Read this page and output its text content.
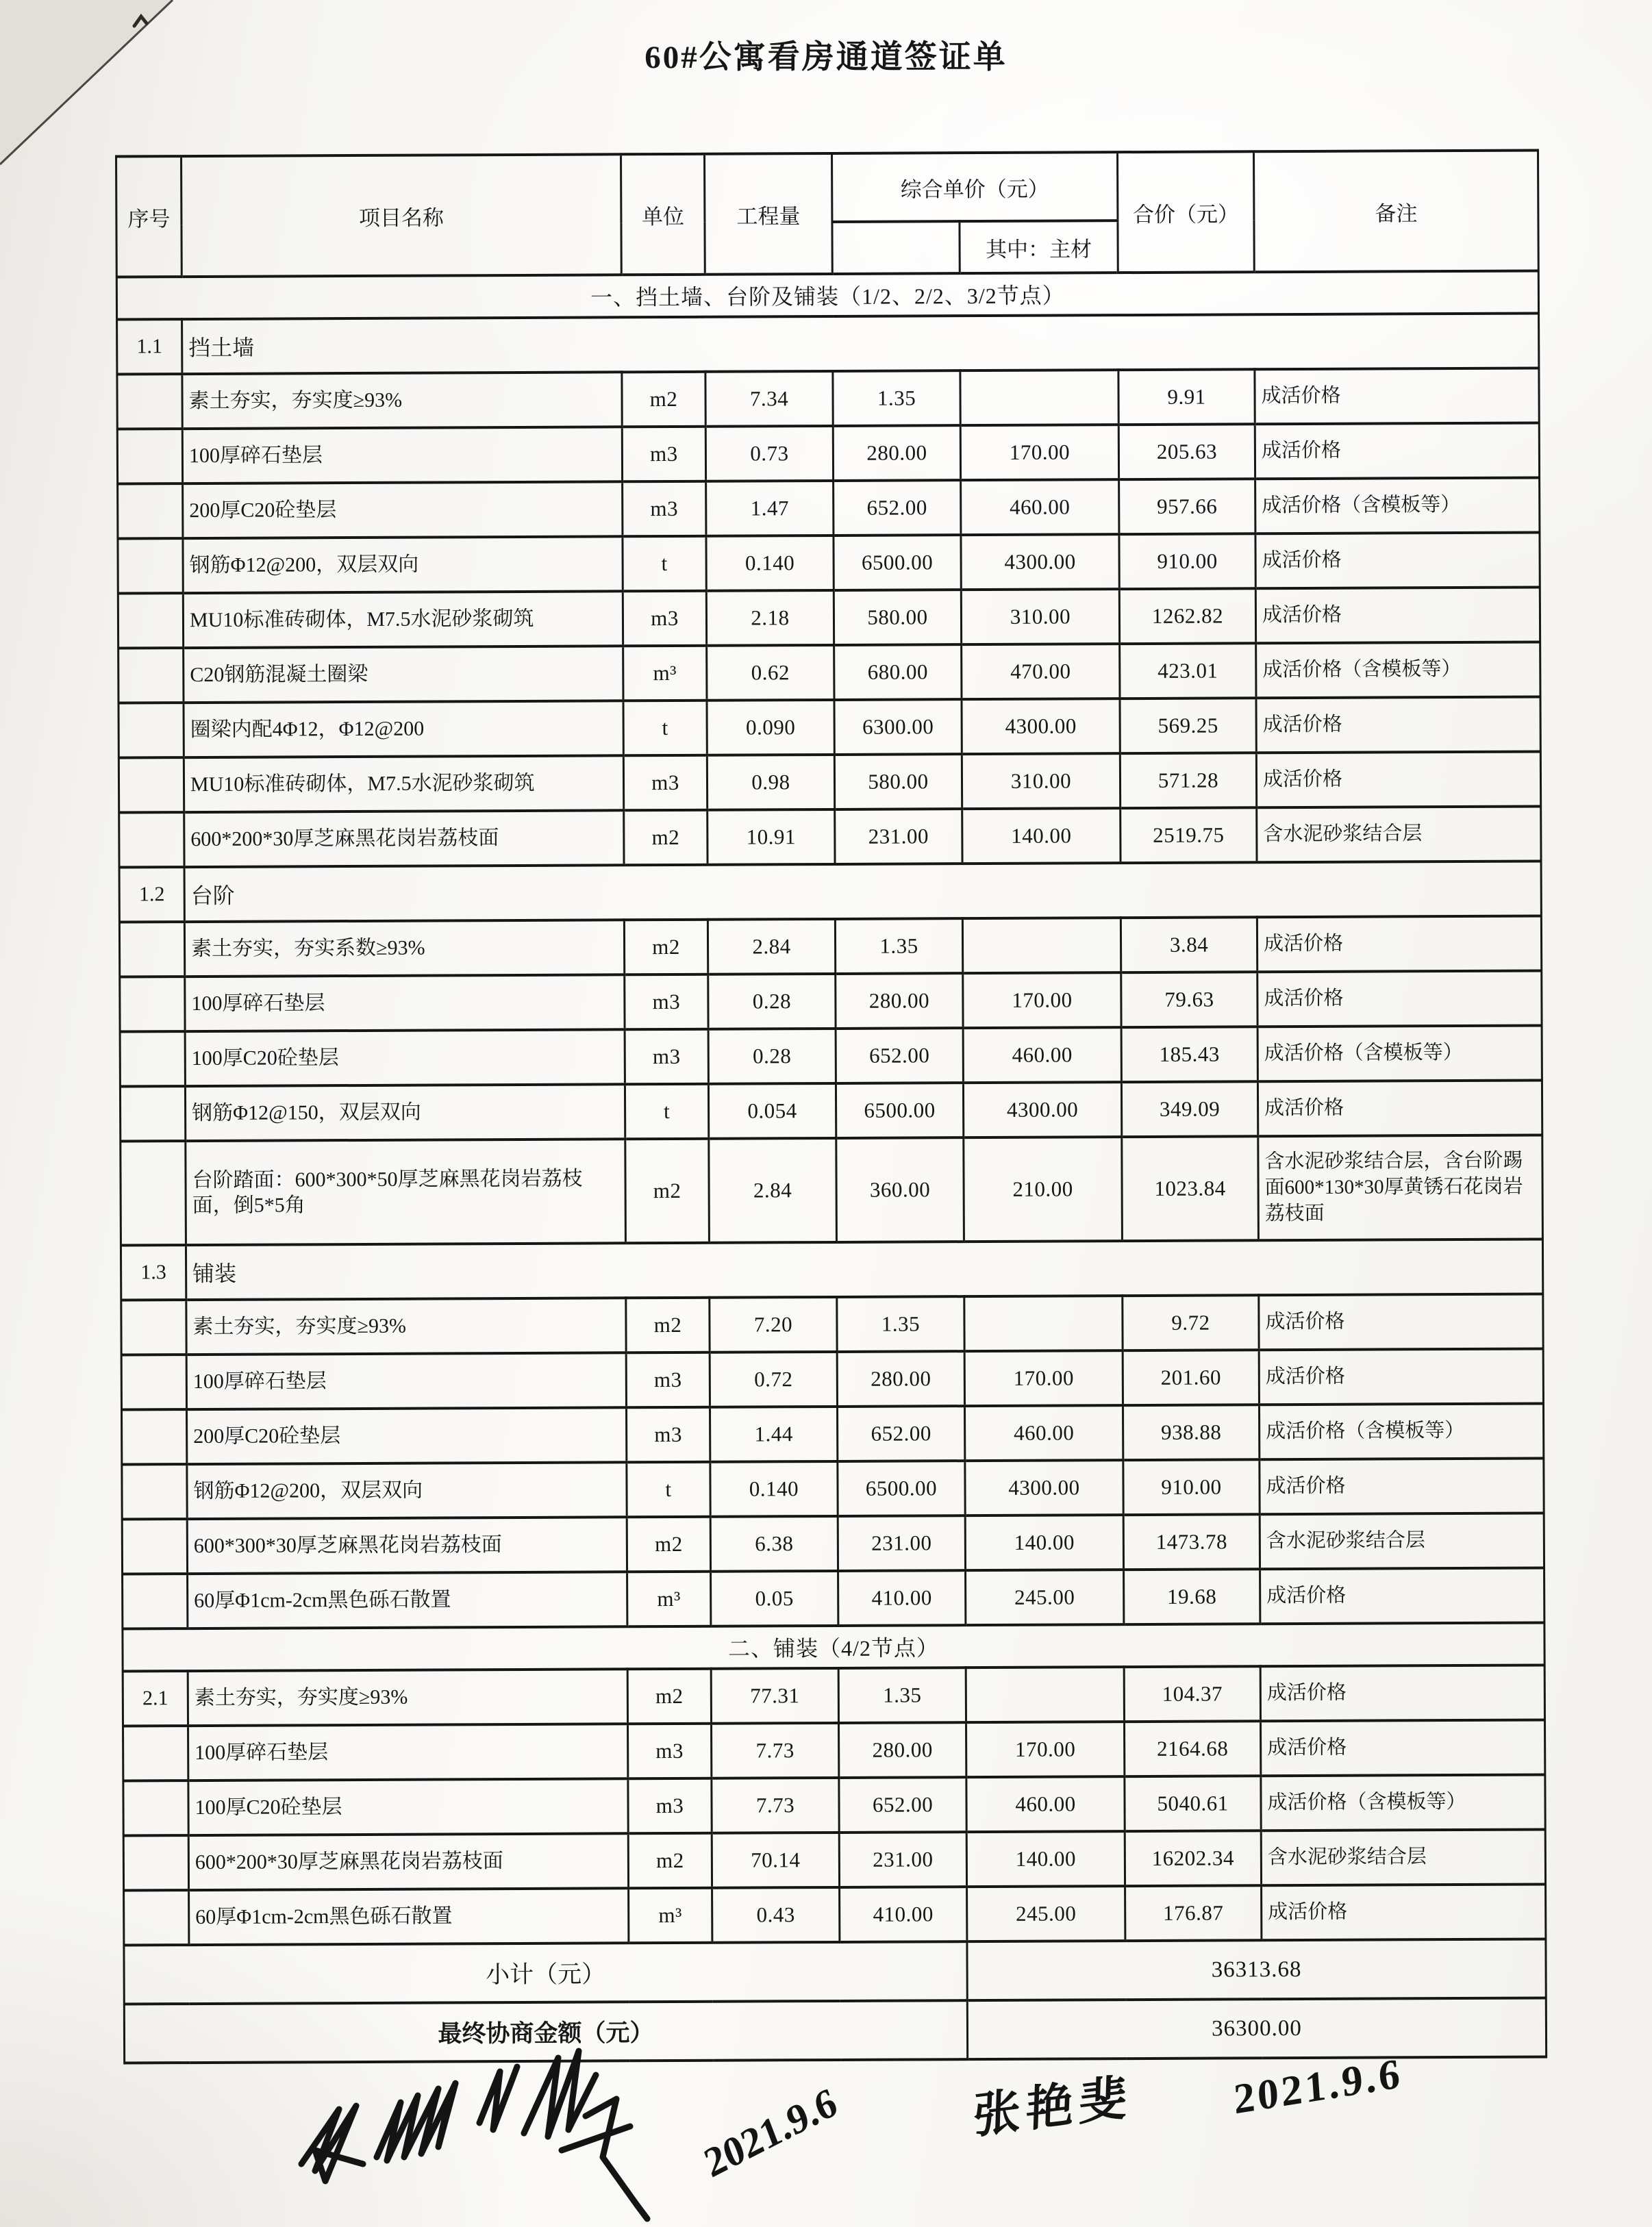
60#公寓看房通道签证单
序号	项目名称	单位	工程量	综合单价（元）		合价（元）	备注
					其中：主材		
一、挡土墙、台阶及铺装（1/2、2/2、3/2节点）							
1.1	挡土墙						
	素土夯实，夯实度≥93%	m2	7.34	1.35		9.91	成活价格
	100厚碎石垫层	m3	0.73	280.00	170.00	205.63	成活价格
	200厚C20砼垫层	m3	1.47	652.00	460.00	957.66	成活价格（含模板等）
	钢筋Φ12@200，双层双向	t	0.140	6500.00	4300.00	910.00	成活价格
	MU10标准砖砌体，M7.5水泥砂浆砌筑	m3	2.18	580.00	310.00	1262.82	成活价格
	C20钢筋混凝土圈梁	m³	0.62	680.00	470.00	423.01	成活价格（含模板等）
	圈梁内配4Φ12，Φ12@200	t	0.090	6300.00	4300.00	569.25	成活价格
	MU10标准砖砌体，M7.5水泥砂浆砌筑	m3	0.98	580.00	310.00	571.28	成活价格
	600*200*30厚芝麻黑花岗岩荔枝面	m2	10.91	231.00	140.00	2519.75	含水泥砂浆结合层
1.2	台阶						
	素土夯实，夯实系数≥93%	m2	2.84	1.35		3.84	成活价格
	100厚碎石垫层	m3	0.28	280.00	170.00	79.63	成活价格
	100厚C20砼垫层	m3	0.28	652.00	460.00	185.43	成活价格（含模板等）
	钢筋Φ12@150，双层双向	t	0.054	6500.00	4300.00	349.09	成活价格
	台阶踏面：600*300*50厚芝麻黑花岗岩荔枝面，倒5*5角	m2	2.84	360.00	210.00	1023.84	含水泥砂浆结合层，含台阶踢面600*130*30厚黄锈石花岗岩荔枝面
1.3	铺装						
	素土夯实，夯实度≥93%	m2	7.20	1.35		9.72	成活价格
	100厚碎石垫层	m3	0.72	280.00	170.00	201.60	成活价格
	200厚C20砼垫层	m3	1.44	652.00	460.00	938.88	成活价格（含模板等）
	钢筋Φ12@200，双层双向	t	0.140	6500.00	4300.00	910.00	成活价格
	600*300*30厚芝麻黑花岗岩荔枝面	m2	6.38	231.00	140.00	1473.78	含水泥砂浆结合层
	60厚Φ1cm-2cm黑色砾石散置	m³	0.05	410.00	245.00	19.68	成活价格
二、铺装（4/2节点）							
2.1	素土夯实，夯实度≥93%	m2	77.31	1.35		104.37	成活价格
	100厚碎石垫层	m3	7.73	280.00	170.00	2164.68	成活价格
	100厚C20砼垫层	m3	7.73	652.00	460.00	5040.61	成活价格（含模板等）
	600*200*30厚芝麻黑花岗岩荔枝面	m2	70.14	231.00	140.00	16202.34	含水泥砂浆结合层
	60厚Φ1cm-2cm黑色砾石散置	m³	0.43	410.00	245.00	176.87	成活价格
小计（元）					36313.68		
最终协商金额（元）					36300.00		
2021.9.6	张艳斐 2021.9.6
